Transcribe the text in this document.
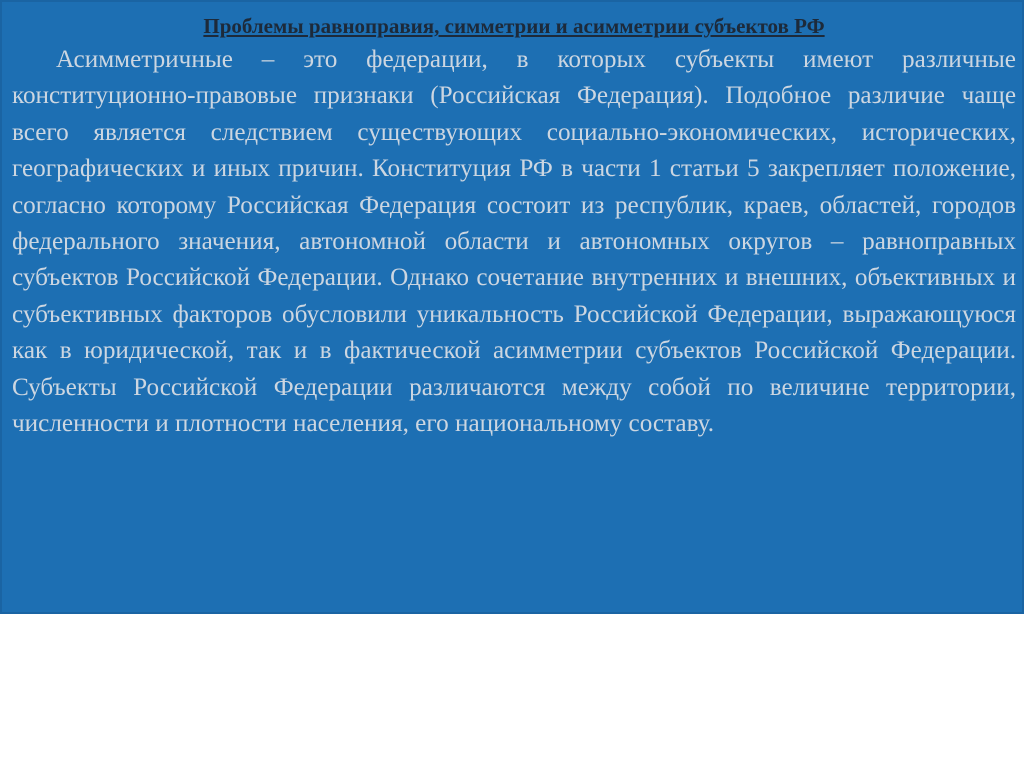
Проблемы равноправия, симметрии и асимметрии субъектов РФ

Асимметричные – это федерации, в которых субъекты имеют различные конституционно-правовые признаки (Российская Федерация). Подобное различие чаще всего является следствием существующих социально-экономических, исторических, географических и иных причин. Конституция РФ в части 1 статьи 5 закрепляет положение, согласно которому Российская Федерация состоит из республик, краев, областей, городов федерального значения, автономной области и автономных округов – равноправных субъектов Российской Федерации. Однако сочетание внутренних и внешних, объективных и субъективных факторов обусловили уникальность Российской Федерации, выражающуюся как в юридической, так и в фактической асимметрии субъектов Российской Федерации. Субъекты Российской Федерации различаются между собой по величине территории, численности и плотности населения, его национальному составу.
